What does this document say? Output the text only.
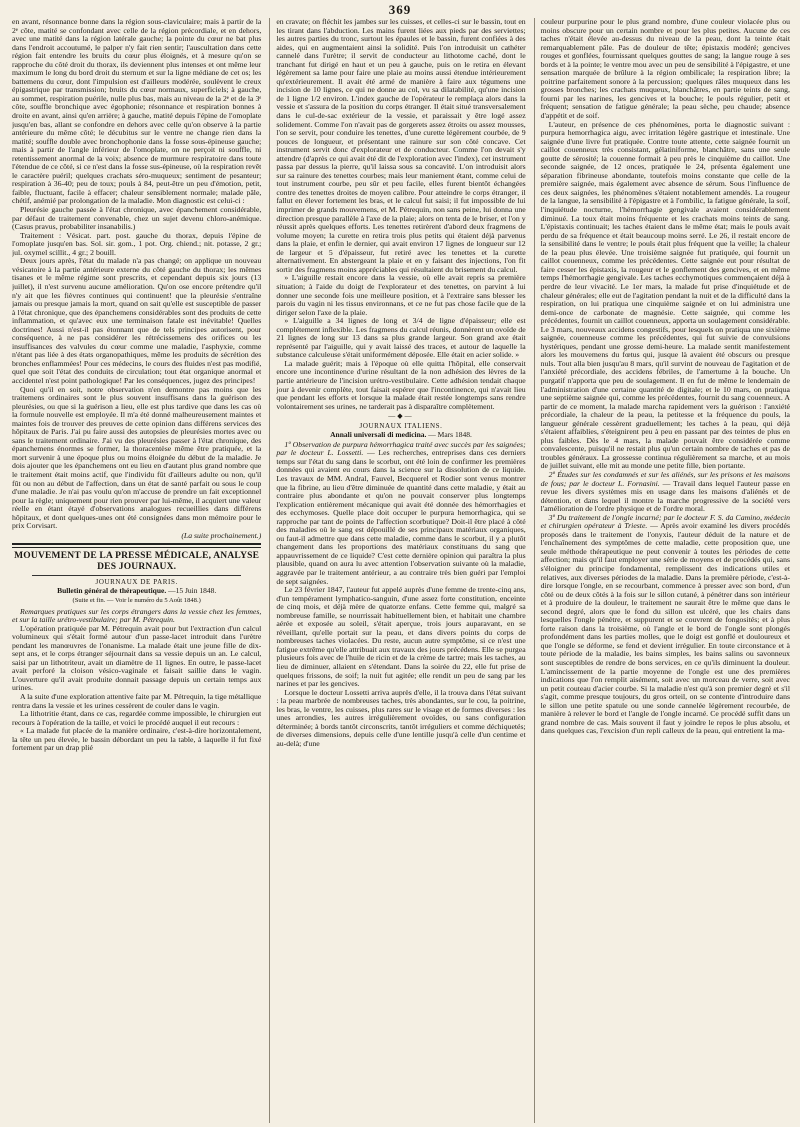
369

en avant, résonnance bonne dans la région sous-claviculaire; mais à partir de la 2ᵉ côte, matité se confondant avec celle de la région précordiale, et en dehors, avec une matité dans la région latérale gauche; la pointe du cœur ne bat plus dans l'endroit accoutumé, le palper n'y fait rien sentir; l'auscultation dans cette région fait entendre les bruits du cœur plus éloignés, et à mesure qu'on se rapproche du côté droit du thorax, ils deviennent plus intenses et ont même leur maximum le long du bord droit du sternum et sur la ligne médiane de cet os; les battemens du cœur, dont l'impulsion est d'ailleurs modérée, soulèvent le creux épigastrique par transmission; bruits du cœur normaux, superficiels; à gauche, au sommet, respiration puérile, nulle plus bas, mais au niveau de la 2ᵉ et de la 3ᵉ côte, souffle bronchique avec égophonie; résonnance et respiration bonnes à droite en avant, ainsi qu'en arrière; à gauche, matité depuis l'épine de l'omoplate jusqu'en bas, allant se confondre en dehors avec celle qu'on observe à la partie antérieure du même côté; le décubitus sur le ventre ne change rien dans la matité; souffle double avec bronchophonie dans la fosse sous-épineuse gauche; mais à partir de l'angle inférieur de l'omoplate, on ne perçoit ni souffle, ni retentissement anormal de la voix; absence de murmure respiratoire dans toute l'étendue de ce côté, si ce n'est dans la fosse sus-épineuse, où la respiration revêt le caractère puéril; quelques crachats séro-muqueux; sentiment de pesanteur; respiration à 36-40; peu de toux; pouls à 84, peut-être un peu d'émotion, petit, faible, fluctuant, facile à effacer; chaleur sensiblement normale; malade pâle, chétif, anémié par prolongation de la maladie. Mon diagnostic est celui-ci :

Pleurésie gauche passée à l'état chronique, avec épanchement considérable, par défaut de traitement convenable, chez un sujet devenu chloro-anémique. (Casus pravus, probabiliter insanabilis.)

Traitement : Vésicat. part. post. gauche du thorax, depuis l'épine de l'omoplate jusqu'en bas. Sol. sir. gom., 1 pot. Org. chiend.; nit. potasse, 2 gr.; jul. oxymel scillit., 4 gr.; 2 bouill.

Deux jours après, l'état du malade n'a pas changé; on applique un nouveau vésicatoire à la partie antérieure externe du côté gauche du thorax; les mêmes tisanes et le même régime sont prescrits, et cependant depuis six jours (13 juillet), il n'est survenu aucune amélioration. Qu'on ose encore prétendre qu'il n'y ait que les fièvres continues qui continuent! que la pleurésie s'entraîne jamais ou presque jamais la mort, quand on sait qu'elle est susceptible de passer à l'état chronique, que des épanchemens considérables sont des produits de cette inflammation, et qu'avec eux une terminaison fatale est inévitable! Quelles doctrines! Aussi n'est-il pas étonnant que de tels principes autorisent, pour conséquence, à ne pas considérer les rétrécissemens des orifices ou les insuffisances des valvules du cœur comme une maladie, l'asphyxie, comme n'étant pas liée à des états organopathiques, même les produits de sécrétion des bronches enflammées! Pour ces médecins, le cours des fluides n'est pas modifié, quel que soit l'état des conduits de circulation; tout état organique anormal et accidentel n'est point pathologique! Par les conséquences, jugez des principes!

Quoi qu'il en soit, notre observation n'en demontre pas moins que les traitemens ordinaires sont le plus souvent insuffisans dans la guérison des pleurésies, ou que si la guérison a lieu, elle est plus tardive que dans les cas où la formule nouvelle est employée. Il m'a été donné malheureusement maintes et maintes fois de trouver des preuves de cette opinion dans différens services des hôpitaux de Paris. J'ai pu faire aussi des autopsies de pleurésies mortes avec ou sans le traitement ordinaire. J'ai vu des pleurésies passer à l'état chronique, des épanchemens énormes se former, la thoracentèse même être pratiquée, et la mort survenir à une époque plus ou moins éloignée du début de la maladie. Je dois ajouter que les épanchemens ont eu lieu en d'autant plus grand nombre que le traitement était moins actif, que l'individu fût d'ailleurs adulte ou non, qu'il fût ou non au début de l'affection, dans un état de santé parfait ou sous le coup d'une maladie. Je n'ai pas voulu qu'on m'accuse de prendre un fait exceptionnel pour la règle; uniquement pour rien prouver par lui-même, il acquiert une valeur réelle en étant étayé d'observations analogues recueillies dans différens hôpitaux, et dont quelques-unes ont été consignées dans mon mémoire pour le prix Corvisart.

(La suite prochainement.)
MOUVEMENT DE LA PRESSE MÉDICALE, ANALYSE DES JOURNAUX.
JOURNAUX DE PARIS.
Bulletin général de thérapeutique. —15 Juin 1848.
(Suite et fin. — Voir le numéro du 5 Août 1848.)

Remarques pratiques sur les corps étrangers dans la vessie chez les femmes, et sur la taille urétro-vestibulaire; par M. Pétrequin.

L'opération pratiquée par M. Pétrequin avait pour but l'extraction d'un calcul volumineux qui s'était formé autour d'un passe-lacet introduit dans l'urètre pendant les manœuvres de l'onanisme. La malade était une jeune fille de dix-sept ans, et le corps étranger séjournait dans sa vessie depuis un an. Le calcul, saisi par un lithotriteur, avait un diamètre de 11 lignes. En outre, le passe-lacet avait perforé la cloison vésico-vaginale et faisait saillie dans le vagin. L'ouverture qu'il avait produite donnait passage depuis un certain temps aux urines.

A la suite d'une exploration attentive faite par M. Pétrequin, la tige métallique rentra dans la vessie et les urines cessèrent de couler dans le vagin.

La lithotritie étant, dans ce cas, regardée comme impossible, le chirurgien eut recours à l'opération de la taille, et voici le procédé auquel il eut recours :

« La malade fut placée de la manière ordinaire, c'est-à-dire horizontalement, la tête un peu élevée, le bassin débordant un peu la table, à laquelle il fut fixé fortement par un drap plié

en cravate; on fléchit les jambes sur les cuisses, et celles-ci sur le bassin, tout en les tirant dans l'abduction. Les mains furent liées aux pieds par des serviettes; les autres parties du tronc, surtout les épaules et le bassin, furent confiées à des aides, qui en augmentaient ainsi la solidité. Puis l'on introduisit un cathéter cannelé dans l'urètre; il servit de conducteur au lithotome caché, dont le tranchant fut dirigé en haut et un peu à gauche, puis on le retira en élevant légèrement sa lame pour faire une plaie au moins aussi étendue intérieurement qu'extérieurement. Il avait été armé de manière à faire aux tégumens une incision de 10 lignes, ce qui ne donne au col, vu sa dilatabilité, qu'une incision de 1 ligne 1/2 environ. L'index gauche de l'opérateur le remplaça alors dans la vessie et s'assura de la position du corps étranger. Il était situé transversalement dans le cul-de-sac extérieur de la vessie, et paraissait y être logé assez solidement. Comme l'on n'avait pas de gorgerets assez étroits ou assez mousses, l'on se servit, pour conduire les tenettes, d'une curette légèrement courbée, de 9 pouces de longueur, et présentant une rainure sur son côté concave. Cet instrument servit donc d'explorateur et de conducteur. Comme l'on devait s'y attendre (d'après ce qui avait été dit de l'exploration avec l'index), cet instrument passa par dessus la pierre, qu'il laissa sous sa concavité. L'on introduisit alors sur sa rainure des tenettes courbes; mais leur maniement étant, comme celui de tout instrument courbe, peu sûr et peu facile, elles furent bientôt échangées contre des tenettes droites de moyen calibre. Pour atteindre le corps étranger, il fallut en élever fortement les bras, et le calcul fut saisi; il fut impossible de lui imprimer de grands mouvemens, et M. Pétrequin, non sans peine, lui donna une direction presque parallèle à l'axe de la plaie; alors on tenta de le briser, et l'on y réussit après quelques efforts. Les tenettes retirèrent d'abord deux fragmens de volume moyen; la curette en retira trois plus petits qui étaient déjà parvenus dans la plaie, et enfin le dernier, qui avait environ 17 lignes de longueur sur 12 de largeur et 5 d'épaisseur, fut retiré avec les tenettes et la curette alternativement. En abstergeant la plaie et en y faisant des injections, l'on fit sortir des fragmens moins appréciables qui résultaient du brisement du calcul.

» L'aiguille restait encore dans la vessie, où elle avait repris sa première situation; à l'aide du doigt de l'explorateur et des tenettes, on parvint à lui donner une seconde fois une meilleure position, et à l'extraire sans blesser les parois du vagin ni les tissus environnans, et ce ne fut pas chose facile que de la diriger selon l'axe de la plaie.

» L'aiguille a 34 lignes de long et 3/4 de ligne d'épaisseur; elle est complétement inflexible. Les fragmens du calcul réunis, donnèrent un ovoïde de 21 lignes de long sur 13 dans sa plus grande largeur. Son grand axe était représenté par l'aiguille, qui y avait laissé des traces, et autour de laquelle la substance calculeuse s'était uniformément déposée. Elle était en acier solide. »

La malade guérit; mais à l'époque où elle quitta l'hôpital, elle conservait encore une incontinence d'urine résultant de la non adhésion des lèvres de la partie antérieure de l'incision urétro-vestibulaire. Cette adhésion tendait chaque jour à devenir complète, tout faisait espérer que l'incontinence, qui n'avait lieu que pendant les efforts et lorsque la malade était restée longtemps sans rendre volontairement ses urines, ne tarderait pas à disparaître complètement.

—◆—
JOURNAUX ITALIENS.
Annali universali di medicina. — Mars 1848.

1º Observation de purpura hémorrhagica traité avec succès par les saignées; par le docteur L. Lossetti. — Les recherches, entreprises dans ces derniers temps sur l'état du sang dans le scorbut, ont été loin de confirmer les premières données qui avaient eu cours dans la science sur la dissolution de ce liquide. Les travaux de MM. Andral, Fauvel, Becquerel et Rodier sont venus montrer que la fibrine, au lieu d'être diminuée de quantité dans cette maladie, y était au contraire plus abondante et qu'on ne pouvait conserver plus longtemps l'explication entièrement mécanique qui avait été donnée des hémorrhagies et des ecchymoses. Quelle place doit occuper le purpura hemorrhagica, qui se rapproche par tant de points de l'affection scorbutique? Doit-il être placé à côté des maladies où le sang est dépouillé de ses principaux matériaux organiques, ou faut-il admettre que dans cette maladie, comme dans le scorbut, il y a plutôt changement dans les proportions des matériaux constituans du sang que appauvrissement de ce liquide? C'est cette dernière opinion qui paraîtra la plus plausible, quand on aura lu avec attention l'observation suivante où la maladie, aggravée par le traitement antérieur, a au contraire très bien guéri par l'emploi de sept saignées.

Le 23 février 1847, l'auteur fut appelé auprès d'une femme de trente-cinq ans, d'un tempérament lymphatico-sanguin, d'une assez forte constitution, enceinte de cinq mois, et déjà mère de quatorze enfans. Cette femme qui, malgré sa nombreuse famille, se nourrissait habituellement bien, et habitait une chambre aérée et exposée au soleil, s'était aperçue, trois jours auparavant, en se réveillant, qu'elle portait sur la peau, et dans divers points du corps de nombreuses taches violacées. Du reste, aucun autre symptôme, si ce n'est une fatigue extrême qu'elle attribuait aux travaux des jours précédens. Elle se purgea plusieurs fois avec de l'huile de ricin et de la crème de tartre; mais les taches, au lieu de diminuer, allaient en s'étendant. Dans la soirée du 22, elle fut prise de quelques frissons, de soif; la nuit fut agitée; elle rendit un peu de sang par les narines et par les gencives.

Lorsque le docteur Lossetti arriva auprès d'elle, il la trouva dans l'état suivant : la peau marbrée de nombreuses taches, très abondantes, sur le cou, la poitrine, les bras, le ventre, les cuisses, plus rares sur le visage et de formes diverses : les unes arrondies, les autres irrégulièrement ovoïdes, ou sans configuration déterminée; à bords tantôt circonscrits, tantôt irréguliers et comme déchiquetés; de diverses dimensions, depuis celle d'une lentille jusqu'à celle d'un centime et au-delà; d'une

couleur purpurine pour le plus grand nombre, d'une couleur violacée plus ou moins obscure pour un certain nombre et pour les plus petites. Aucune de ces taches n'était élevée au-dessus du niveau de la peau, dont la teinte était remarquablement pâle. Pas de douleur de tête; épistaxis modéré; gencives rouges et gonflées, fournissant quelques gouttes de sang; la langue rouge à ses bords et à la pointe; le ventre mou avec un peu de sensibilité à l'épigastre, et une sensation marquée de brûlure à la région ombilicale; la respiration libre; la poitrine parfaitement sonore à la percussion; quelques râles muqueux dans les grosses bronches; les crachats muqueux, blanchâtres, en partie teints de sang, fourni par les narines, les gencives et la bouche; le pouls régulier, petit et fréquent; sensation de fatigue générale; la peau sèche, peu chaude; absence d'appétit et de soif.

L'auteur, en présence de ces phénomènes, porta le diagnostic suivant : purpura hemorrhagica aigu, avec irritation légère gastrique et intestinale. Une saignée d'une livre fut pratiquée. Contre toute attente, cette saignée fournit un caillot couenneux très consistant, gélatiniforme, blanchâtre, sans une seule goutte de sérosité; la couenne formait à peu près le cinquième du caillot. Une seconde saignée, de 12 onces, pratiquée le 24, présenta également une séparation fibrineuse abondante, toutefois moins constante que celle de la première saignée, mais également avec absence de sérum. Sous l'influence de ces deux saignées, les phénomènes s'étaient notablement amendés. La rougeur de la langue, la sensibilité à l'épigastre et à l'ombilic, la fatigue générale, la soif, l'inquiétude nocturne, l'hémorrhagie gengivale avaient considérablement diminué. La toux était moins fréquente et les crachats moins teints de sang. L'épistaxis continuait; les taches étaient dans le même état; mais le pouls avait perdu de sa fréquence et était beaucoup moins serré. Le 26, il restait encore de la sensibilité dans le ventre; le pouls était plus fréquent que la veille; la chaleur de la peau plus élevée. Une troisième saignée fut pratiquée, qui fournit un caillot couenneux, comme les précédentes. Cette saignée eut pour résultat de faire cesser les épistaxis, la rougeur et le gonflement des gencives, et en même temps l'hémorrhagie gengivale. Les taches ecchymotiques commençaient déjà à perdre de leur vivacité. Le 1er mars, la malade fut prise d'inquiétude et de chaleur générales; elle eut de l'agitation pendant la nuit et de la difficulté dans la respiration, on lui pratiqua une cinquième saignée et on lui administra une demi-once de carbonate de magnésie. Cette saignée, qui comme les précédentes, fournit un caillot couenneux, apporta un soulagement considérable. Le 3 mars, nouveaux accidens congestifs, pour lesquels on pratiqua une sixième saignée, couenneuse comme les précédentes, qui fut suivie de convulsions hystériques, pendant une grosse demi-heure. La malade sentit manifestement alors les mouvemens du fœtus qui, jusque là avaient été obscurs ou presque nuls. Tout alla bien jusqu'au 8 mars, qu'il survint de nouveau de l'agitation et de l'anxiété précordiale, des accidens fébriles, de l'amertume à la bouche. Un purgatif n'apporta que peu de soulagement. Il en fut de même le lendemain de l'administration d'une certaine quantité de digitale; et le 10 mars, on pratiqua une septième saignée qui, comme les précédentes, fournit du sang couenneux. A partir de ce moment, la malade marcha rapidement vers la guérison : l'anxiété précordiale, la chaleur de la peau, la petitesse et la fréquence du pouls, la langueur générale cessèrent graduellement; les taches à la peau, qui déjà s'étaient affaiblies, s'éteignirent peu à peu en passant par des teintes de plus en plus faibles. Dès le 4 mars, la malade pouvait être considérée comme convalescente, puisqu'il ne restait plus qu'un certain nombre de taches et pas de troubles généraux. La grossesse continua régulièrement sa marche, et au mois de juillet suivant, elle mit au monde une petite fille, bien portante.

2º Études sur les condamnés et sur les aliénés, sur les prisons et les maisons de fous; par le docteur L. Fornasini. — Travail dans lequel l'auteur passe en revue les divers systèmes mis en usage dans les maisons d'aliénés et de détention, et dans lequel il montre la marche progressive de la société vers l'amélioration de l'ordre physique et de l'ordre moral.

3º Du traitement de l'ongle incarné; par le docteur F. S. da Camino, médecin et chirurgien opérateur à Trieste. — Après avoir examiné les divers procédés proposés dans le traitement de l'onyxis, l'auteur déduit de la nature et de l'enchaînement des symptômes de cette maladie, cette proposition que, une seule méthode thérapeutique ne peut convenir à toutes les périodes de cette affection; mais qu'il faut employer une série de moyens et de procédés qui, sans s'éloigner du principe fondamental, remplissent des indications utiles et relatives, aux diverses périodes de la maladie. Dans la première période, c'est-à-dire lorsque l'ongle, en se recourbant, commence à presser avec son bord, d'un côté ou de deux côtés à la fois sur le sillon cutané, à pénétrer dans son intérieur et à produire de la douleur, le traitement ne saurait être le même que dans le second degré, alors que le fond du sillon est ulcéré, que les chairs dans lesquelles l'ongle pénètre, et suppurent et se couvrent de fongosités; et à plus forte raison dans la troisième, où l'angle et le bord de l'ongle sont plongés profondément dans les parties molles, que le doigt est gonflé et douloureux et que l'ongle se déforme, se fend et devient irrégulier. En toute circonstance et à toute période de la maladie, les bains simples, les bains salins ou savonneux sont susceptibles de rendre de bons services, en ce qu'ils diminuent la douleur. L'amincissement de la partie moyenne de l'ongle est une des premières indications que l'on remplit aisément, soit avec un morceau de verre, soit avec un petit couteau d'acier courbe. Si la maladie n'est qu'à son premier degré et s'il s'agit, comme presque toujours, du gros orteil, on se contente d'introduire dans le sillon une petite spatule ou une sonde cannelée légèrement recourbée, de manière à relever le bord et l'angle de l'ongle incarné. Ce procédé suffit dans un grand nombre de cas. Mais souvent il faut y joindre le repos le plus absolu, et dans quelques cas, l'excision d'un repli calleux de la peau, qui entretient la ma-
